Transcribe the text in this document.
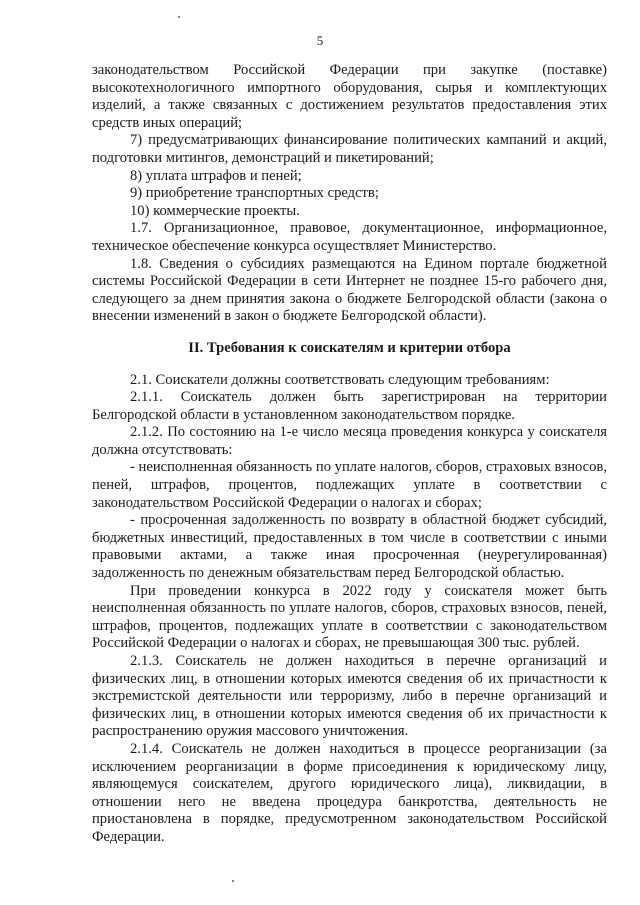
5

законодательством Российской Федерации при закупке (поставке) высокотехнологичного импортного оборудования, сырья и комплектующих изделий, а также связанных с достижением результатов предоставления этих средств иных операций;

7) предусматривающих финансирование политических кампаний и акций, подготовки митингов, демонстраций и пикетирований;

8) уплата штрафов и пеней;

9) приобретение транспортных средств;

10) коммерческие проекты.

1.7. Организационное, правовое, документационное, информационное, техническое обеспечение конкурса осуществляет Министерство.

1.8. Сведения о субсидиях размещаются на Едином портале бюджетной системы Российской Федерации в сети Интернет не позднее 15-го рабочего дня, следующего за днем принятия закона о бюджете Белгородской области (закона о внесении изменений в закон о бюджете Белгородской области).

II. Требования к соискателям и критерии отбора

2.1. Соискатели должны соответствовать следующим требованиям:

2.1.1. Соискатель должен быть зарегистрирован на территории Белгородской области в установленном законодательством порядке.

2.1.2. По состоянию на 1-е число месяца проведения конкурса у соискателя должна отсутствовать:

- неисполненная обязанность по уплате налогов, сборов, страховых взносов, пеней, штрафов, процентов, подлежащих уплате в соответствии с законодательством Российской Федерации о налогах и сборах;

- просроченная задолженность по возврату в областной бюджет субсидий, бюджетных инвестиций, предоставленных в том числе в соответствии с иными правовыми актами, а также иная просроченная (неурегулированная) задолженность по денежным обязательствам перед Белгородской областью.

При проведении конкурса в 2022 году у соискателя может быть неисполненная обязанность по уплате налогов, сборов, страховых взносов, пеней, штрафов, процентов, подлежащих уплате в соответствии с законодательством Российской Федерации о налогах и сборах, не превышающая 300 тыс. рублей.

2.1.3. Соискатель не должен находиться в перечне организаций и физических лиц, в отношении которых имеются сведения об их причастности к экстремистской деятельности или терроризму, либо в перечне организаций и физических лиц, в отношении которых имеются сведения об их причастности к распространению оружия массового уничтожения.

2.1.4. Соискатель не должен находиться в процессе реорганизации (за исключением реорганизации в форме присоединения к юридическому лицу, являющемуся соискателем, другого юридического лица), ликвидации, в отношении него не введена процедура банкротства, деятельность не приостановлена в порядке, предусмотренном законодательством Российской Федерации.
